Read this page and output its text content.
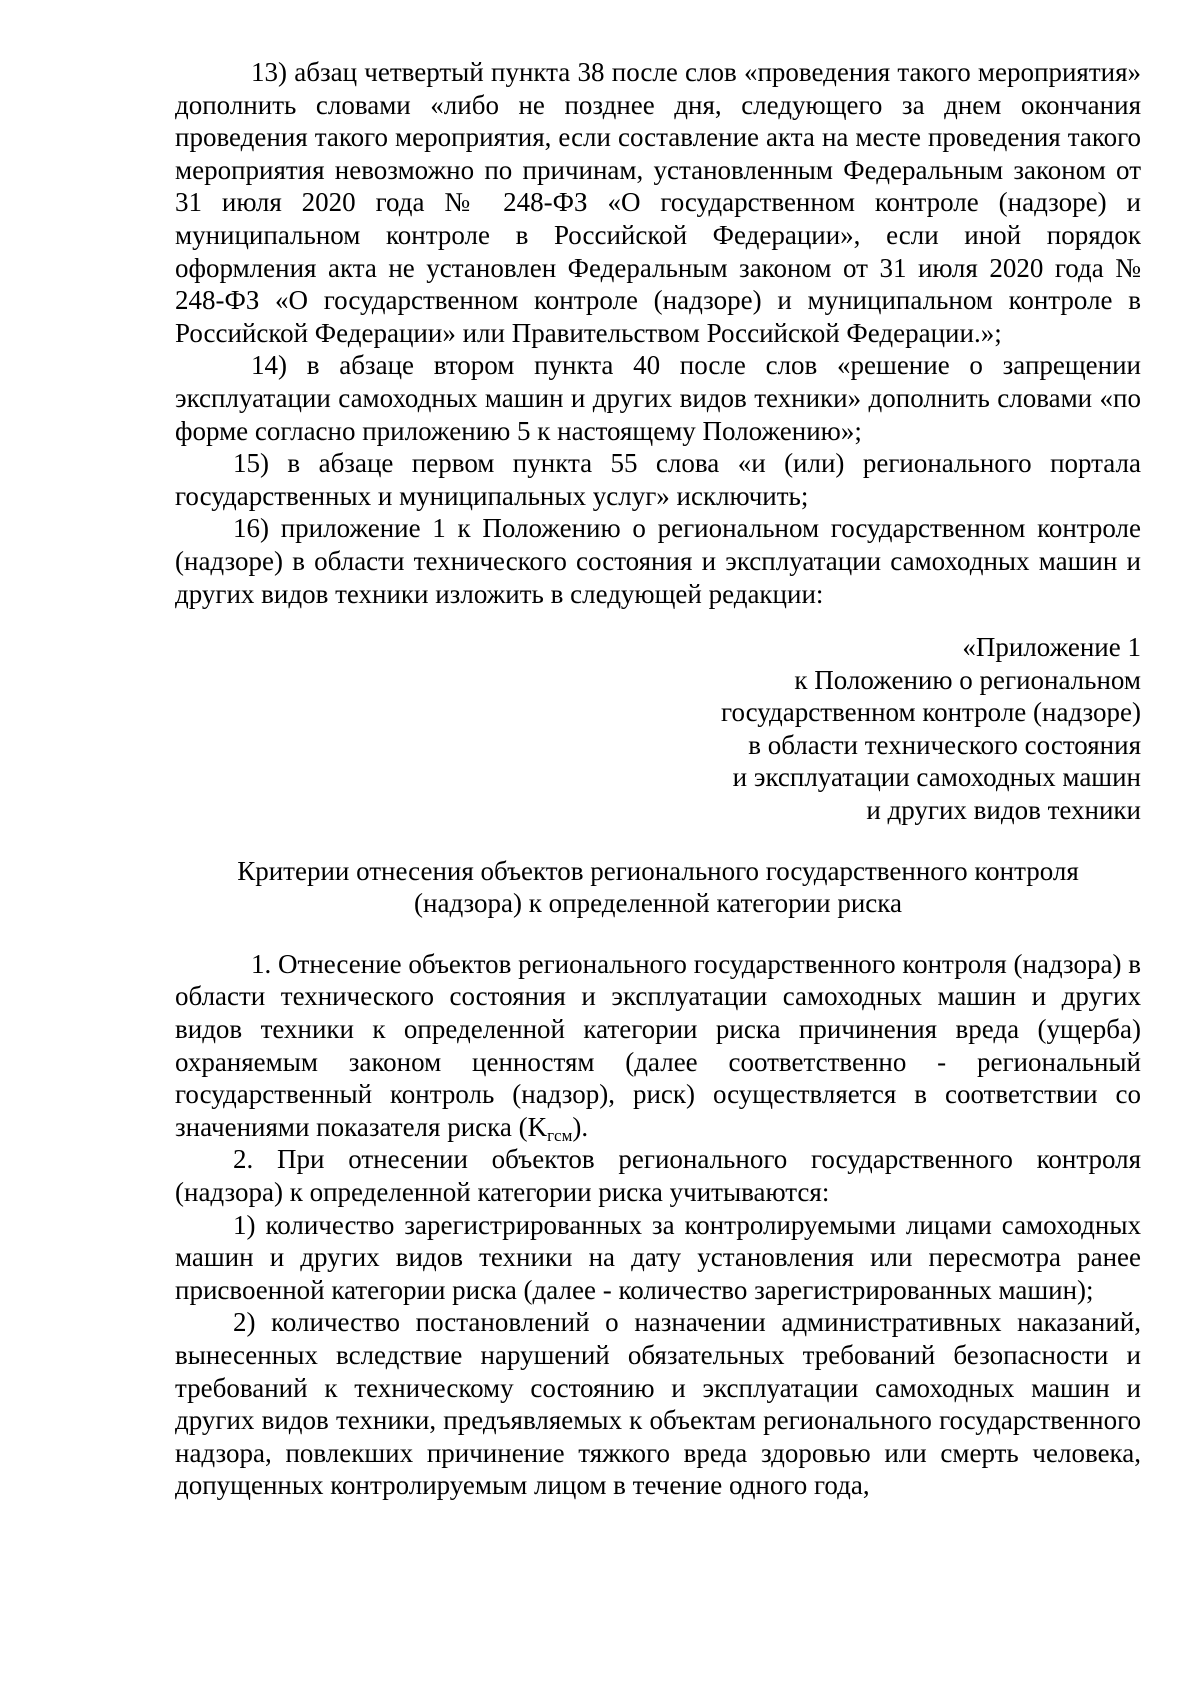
13) абзац четвертый пункта 38 после слов «проведения такого мероприятия» дополнить словами «либо не позднее дня, следующего за днем окончания проведения такого мероприятия, если составление акта на месте проведения такого мероприятия невозможно по причинам, установленным Федеральным законом от 31 июля 2020 года № 248-ФЗ «О государственном контроле (надзоре) и муниципальном контроле в Российской Федерации», если иной порядок оформления акта не установлен Федеральным законом от 31 июля 2020 года № 248-ФЗ «О государственном контроле (надзоре) и муниципальном контроле в Российской Федерации» или Правительством Российской Федерации.»;

14) в абзаце втором пункта 40 после слов «решение о запрещении эксплуатации самоходных машин и других видов техники» дополнить словами «по форме согласно приложению 5 к настоящему Положению»;

15) в абзаце первом пункта 55 слова «и (или) регионального портала государственных и муниципальных услуг» исключить;

16) приложение 1 к Положению о региональном государственном контроле (надзоре) в области технического состояния и эксплуатации самоходных машин и других видов техники изложить в следующей редакции:

«Приложение 1
к Положению о региональном
государственном контроле (надзоре)
в области технического состояния
и эксплуатации самоходных машин
и других видов техники

Критерии отнесения объектов регионального государственного контроля (надзора) к определенной категории риска

1. Отнесение объектов регионального государственного контроля (надзора) в области технического состояния и эксплуатации самоходных машин и других видов техники к определенной категории риска причинения вреда (ущерба) охраняемым законом ценностям (далее соответственно - региональный государственный контроль (надзор), риск) осуществляется в соответствии со значениями показателя риска $(K_{гсм})$.

2. При отнесении объектов регионального государственного контроля (надзора) к определенной категории риска учитываются:

1) количество зарегистрированных за контролируемыми лицами самоходных машин и других видов техники на дату установления или пересмотра ранее присвоенной категории риска (далее - количество зарегистрированных машин);

2) количество постановлений о назначении административных наказаний, вынесенных вследствие нарушений обязательных требований безопасности и требований к техническому состоянию и эксплуатации самоходных машин и других видов техники, предъявляемых к объектам регионального государственного надзора, повлекших причинение тяжкого вреда здоровью или смерть человека, допущенных контролируемым лицом в течение одного года,
